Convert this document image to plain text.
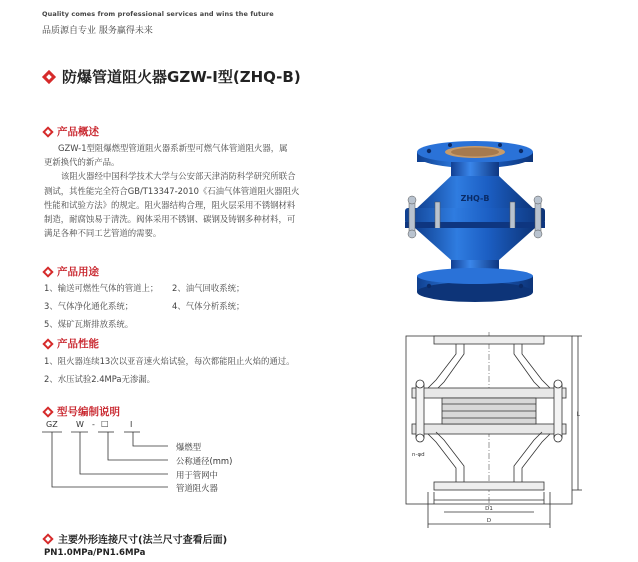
Quality comes from professional services and wins the future
品质源自专业 服务赢得未来
防爆管道阻火器GZW-I型(ZHQ-B)
产品概述
GZW-1型阻爆燃型管道阻火器系新型可燃气体管道阻火器，属
更新换代的新产品。
该阻火器经中国科学技术大学与公安部天津消防科学研究所联合
测试，其性能完全符合GB/T13347-2010《石油气体管道阻火器阻火
性能和试验方法》的规定。阻火器结构合理，阻火层采用不锈钢材料
制造，耐腐蚀易于清洗。阀体采用不锈钢、碳钢及铸钢多种材料，可
满足各种不同工艺管道的需要。
产品用途
1、输送可燃性气体的管道上； 2、油气回收系统；
3、气体净化通化系统；	4、气体分析系统；
5、煤矿瓦斯排放系统。
产品性能
1、阻火器连续13次以亚音速火焰试验，每次都能阻止火焰的通过。
2、水压试验2.4MPa无渗漏。
型号编制说明
GZ W - □	I
爆燃型
公称通径(mm)
用于管网中
管道阻火器
主要外形连接尺寸(法兰尺寸查看后面)
PN1.0MPa/PN1.6MPa
ZHQ-B
n-φd
L
D1
D
